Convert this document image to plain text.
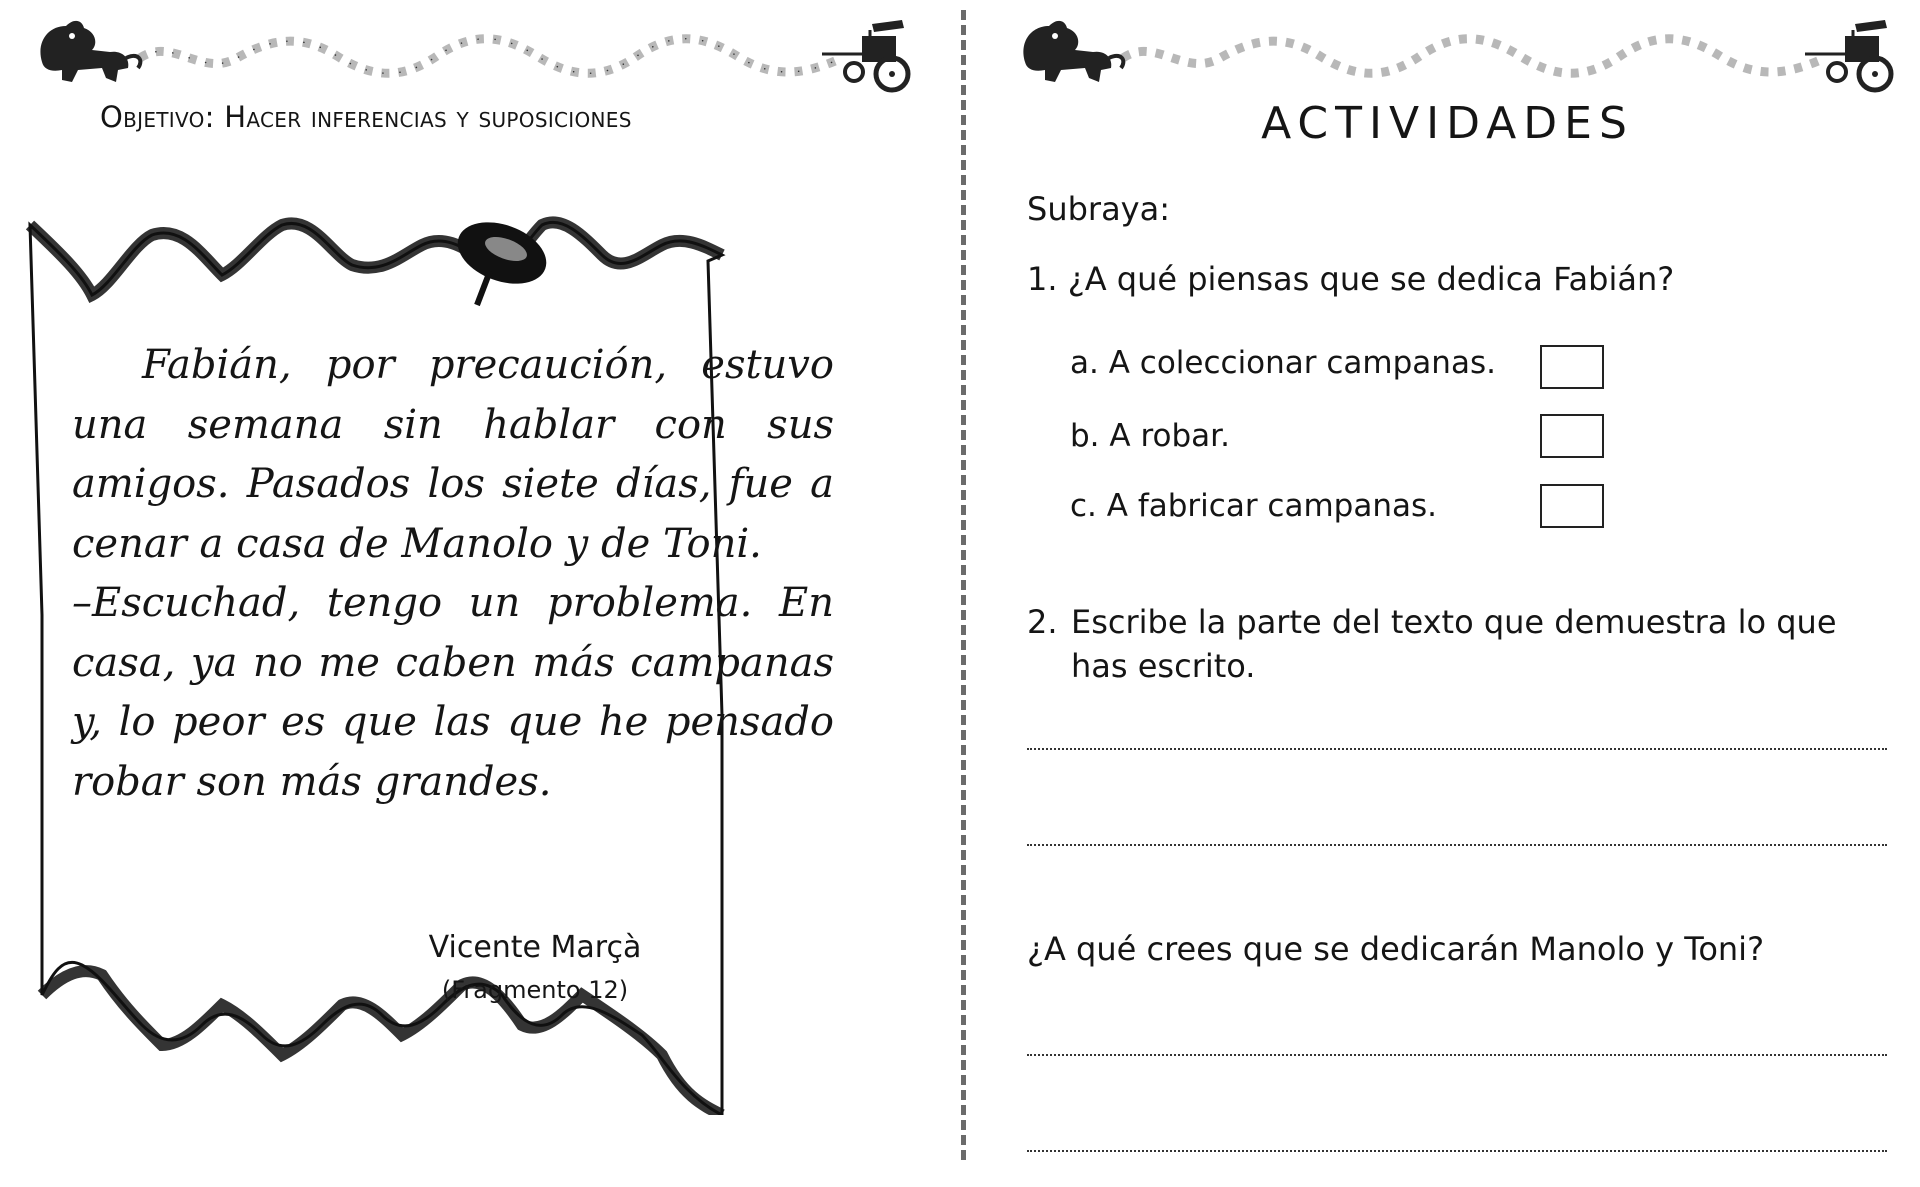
Objetivo: Hacer inferencias y suposiciones

Fabián, por precaución, estuvo una semana sin hablar con sus amigos. Pasados los siete días, fue a cenar a casa de Manolo y de Toni.

–Escuchad, tengo un problema. En casa, ya no me caben más campanas y, lo peor es que las que he pensado robar son más grandes.

Vicente Marçà
(Fragmento 12)
ACTIVIDADES
Subraya:
1. ¿A qué piensas que se dedica Fabián?
a. A coleccionar campanas.
b. A robar.
c. A fabricar campanas.
2. Escribe la parte del texto que demuestra lo que has escrito.
¿A qué crees que se dedicarán Manolo y Toni?
